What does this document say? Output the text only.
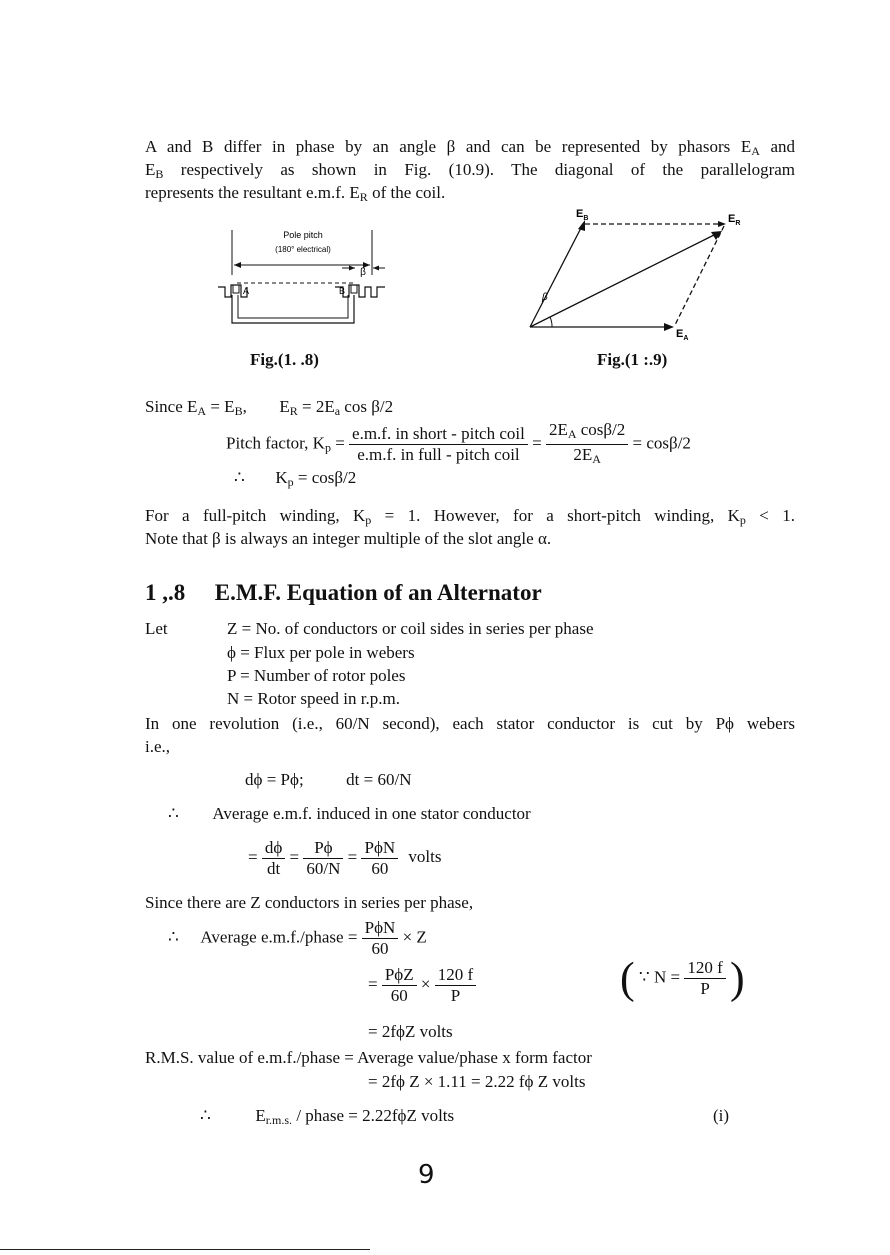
A and B differ in phase by an angle β and can be represented by phasors $E_A$ and
$E_B$ respectively as shown in Fig. (10.9). The diagonal of the parallelogram
represents the resultant e.m.f. $E_R$ of the coil.
Pole pitch
(180° electrical)
β
A	B
Fig.(1. .8)
β
$E_B$	$E_R$
$E_A$
Fig.(1 :.9)
Since $E_A = E_B$, $E_R = 2E_a$ cos β/2
Pitch factor, $K_p = \frac{\text{e.m.f. in short - pitch coil}}{\text{e.m.f. in full - pitch coil}} = \frac{2E_A \cos\beta/2}{2E_A} = \cos\beta/2$
∴ $K_p = \cos\beta/2$
For a full-pitch winding, $K_p = 1$. However, for a short-pitch winding, $K_p < 1$.
Note that β is always an integer multiple of the slot angle α.
1 ,.8 E.M.F. Equation of an Alternator
Let	Z = No. of conductors or coil sides in series per phase
ϕ = Flux per pole in webers
P = Number of rotor poles
N = Rotor speed in r.p.m.
In one revolution (i.e., 60/N second), each stator conductor is cut by Pϕ webers
i.e.,
dϕ = Pϕ;	dt = 60/N
∴ Average e.m.f. induced in one stator conductor
= $\frac{d\phi}{dt} = \frac{P\phi}{60/N} = \frac{\text{PϕN}}{60}$ volts
Since there are Z conductors in series per phase,
∴ Average e.m.f./phase = $\frac{\text{PϕN}}{60} \times Z$
= $\frac{\text{PϕZ}}{60} \times \frac{120 f}{P}$	( ∵ $N = \frac{120 f}{P}$ )
= 2fϕZ volts
R.M.S. value of e.m.f./phase = Average value/phase x form factor
= 2fϕ Z × 1.11 = 2.22 fϕ Z volts
∴	$E_{r.m.s.}$ / phase = 2.22fϕZ volts	(i)
9
